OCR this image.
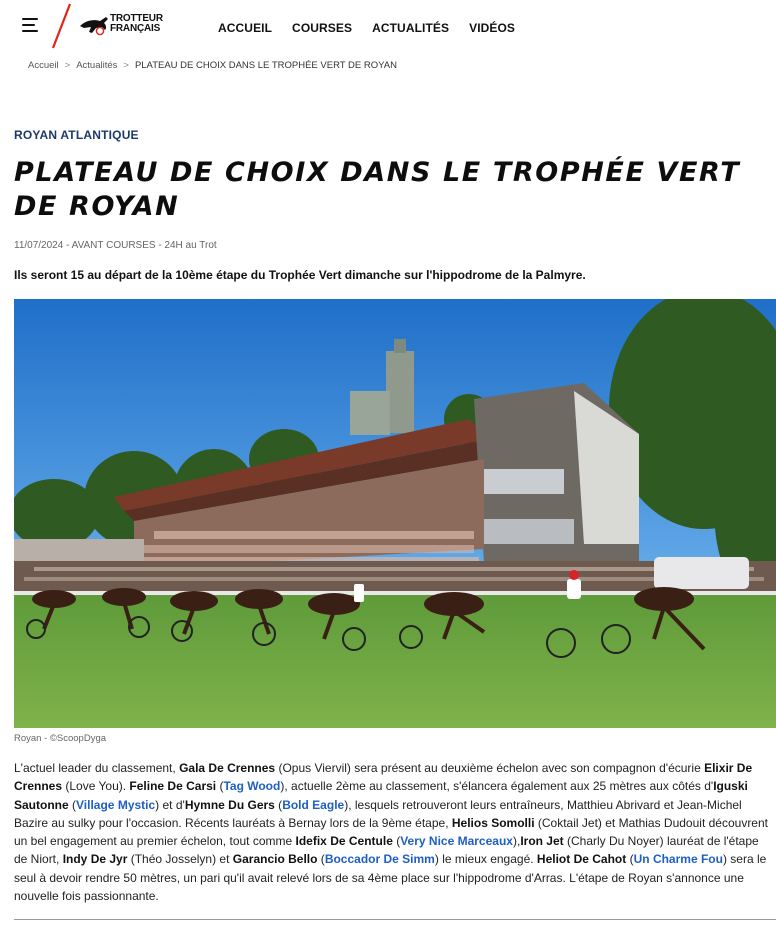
TROTTEUR
FRANÇAIS	ACCUEIL COURSES ACTUALITÉS VIDÉOS
Accueil > Actualités > PLATEAU DE CHOIX DANS LE TROPHÉE VERT DE ROYAN
ROYAN ATLANTIQUE
PLATEAU DE CHOIX DANS LE TROPHÉE VERT DE ROYAN
11/07/2024 - AVANT COURSES - 24H au Trot
Ils seront 15 au départ de la 10ème étape du Trophée Vert dimanche sur l'hippodrome de la Palmyre.
Royan - ©ScoopDyga
L'actuel leader du classement, Gala De Crennes (Opus Viervil) sera présent au deuxième échelon avec son compagnon d'écurie Elixir De Crennes (Love You). Feline De Carsi (Tag Wood), actuelle 2ème au classement, s'élancera également aux 25 mètres aux côtés d'Iguski Sautonne (Village Mystic) et d'Hymne Du Gers (Bold Eagle), lesquels retrouveront leurs entraîneurs, Matthieu Abrivard et Jean-Michel Bazire au sulky pour l'occasion. Récents lauréats à Bernay lors de la 9ème étape, Helios Somolli (Coktail Jet) et Mathias Dudouit découvrent un bel engagement au premier échelon, tout comme Idefix De Centule (Very Nice Marceaux),Iron Jet (Charly Du Noyer) lauréat de l'étape de Niort, Indy De Jyr (Théo Josselyn) et Garancio Bello (Boccador De Simm) le mieux engagé. Heliot De Cahot (Un Charme Fou) sera le seul à devoir rendre 50 mètres, un pari qu'il avait relevé lors de sa 4ème place sur l'hippodrome d'Arras. L'étape de Royan s'annonce une nouvelle fois passionnante.
